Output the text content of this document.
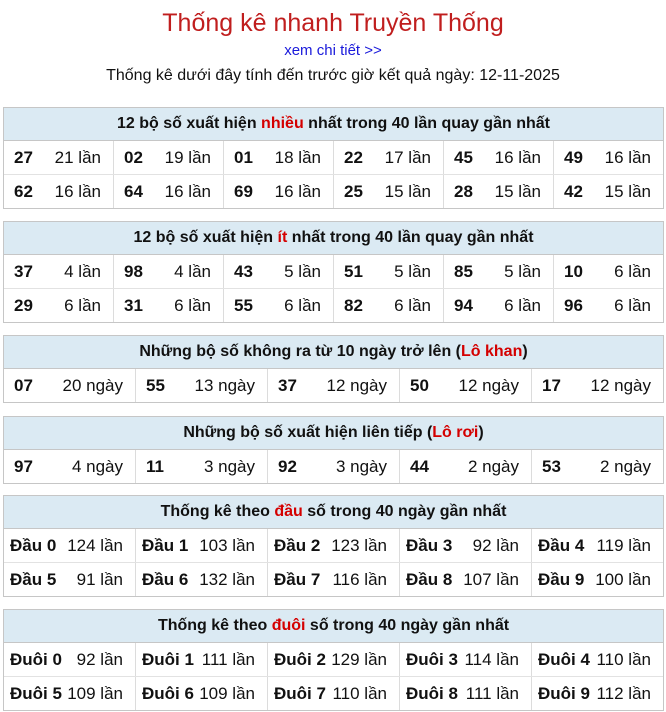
Thống kê nhanh Truyền Thống
xem chi tiết >>
Thống kê dưới đây tính đến trước giờ kết quả ngày: 12-11-2025
12 bộ số xuất hiện nhiều nhất trong 40 lần quay gần nhất
27	21 lần	02	19 lần	01	18 lần	22	17 lần	45	16 lần	49	16 lần
62	16 lần	64	16 lần	69	16 lần	25	15 lần	28	15 lần	42	15 lần
12 bộ số xuất hiện ít nhất trong 40 lần quay gần nhất
37	4 lần	98	4 lần	43	5 lần	51	5 lần	85	5 lần	10	6 lần
29	6 lần	31	6 lần	55	6 lần	82	6 lần	94	6 lần	96	6 lần
Những bộ số không ra từ 10 ngày trở lên (Lô khan)
07	20 ngày	55	13 ngày	37	12 ngày	50	12 ngày	17	12 ngày
Những bộ số xuất hiện liên tiếp (Lô rơi)
97	4 ngày	11	3 ngày	92	3 ngày	44	2 ngày	53	2 ngày
Thống kê theo đầu số trong 40 ngày gần nhất
Đầu 0 124 lần	Đầu 1 103 lần	Đầu 2 123 lần	Đầu 3	92 lần	Đầu 4 119 lần
Đầu 5	91 lần	Đầu 6 132 lần	Đầu 7 116 lần	Đầu 8 107 lần	Đầu 9 100 lần
Thống kê theo đuôi số trong 40 ngày gần nhất
Đuôi 0 92 lần	Đuôi 1 111 lần	Đuôi 2 129 lần	Đuôi 3 114 lần	Đuôi 4 110 lần
Đuôi 5 109 lần	Đuôi 6 109 lần	Đuôi 7 110 lần	Đuôi 8 111 lần	Đuôi 9 112 lần
